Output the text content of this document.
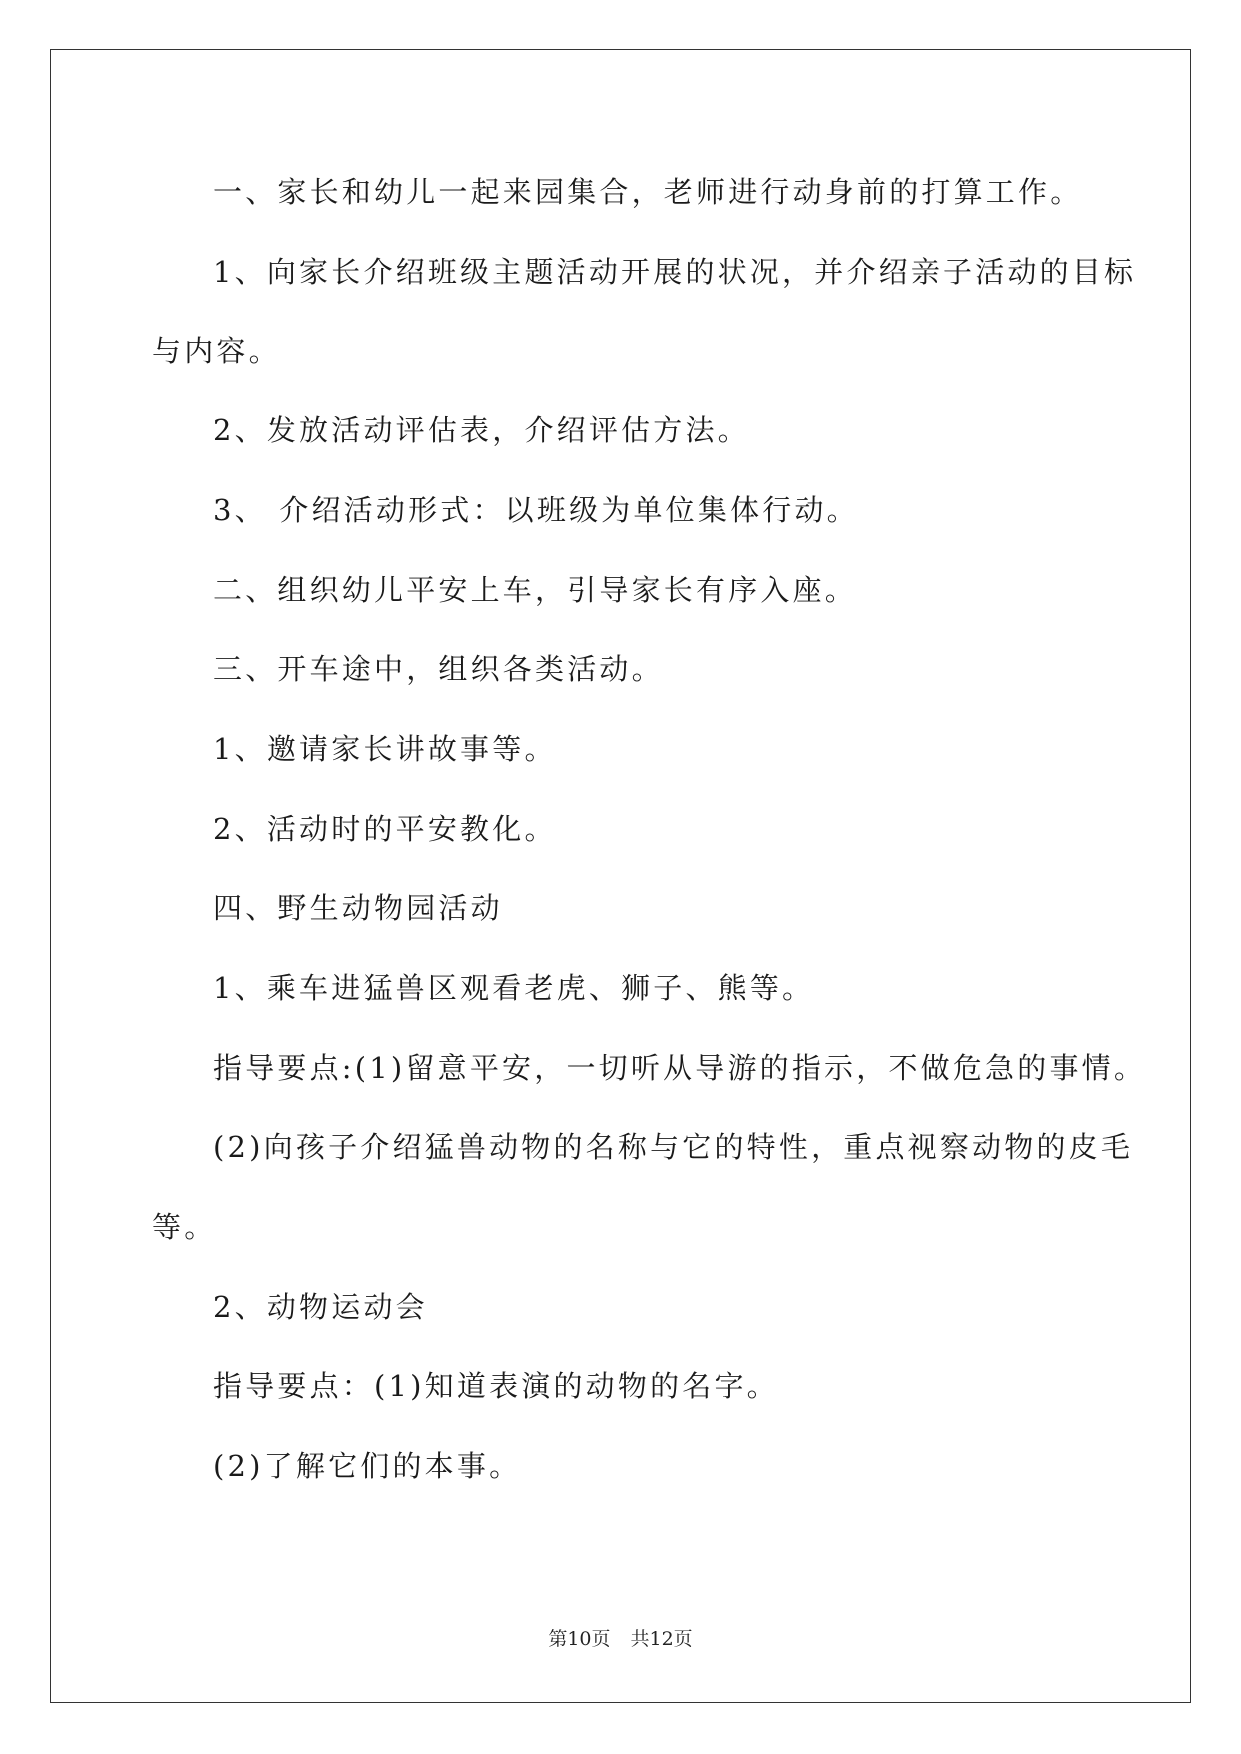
一、家长和幼儿一起来园集合，老师进行动身前的打算工作。
1、向家长介绍班级主题活动开展的状况，并介绍亲子活动的目标
与内容。
2、发放活动评估表，介绍评估方法。
3、 介绍活动形式：以班级为单位集体行动。
二、组织幼儿平安上车，引导家长有序入座。
三、开车途中，组织各类活动。
1、邀请家长讲故事等。
2、活动时的平安教化。
四、野生动物园活动
1、乘车进猛兽区观看老虎、狮子、熊等。
指导要点:(1)留意平安，一切听从导游的指示，不做危急的事情。
(2)向孩子介绍猛兽动物的名称与它的特性，重点视察动物的皮毛
等。
2、动物运动会
指导要点：(1)知道表演的动物的名字。
(2)了解它们的本事。
第10页 共12页
